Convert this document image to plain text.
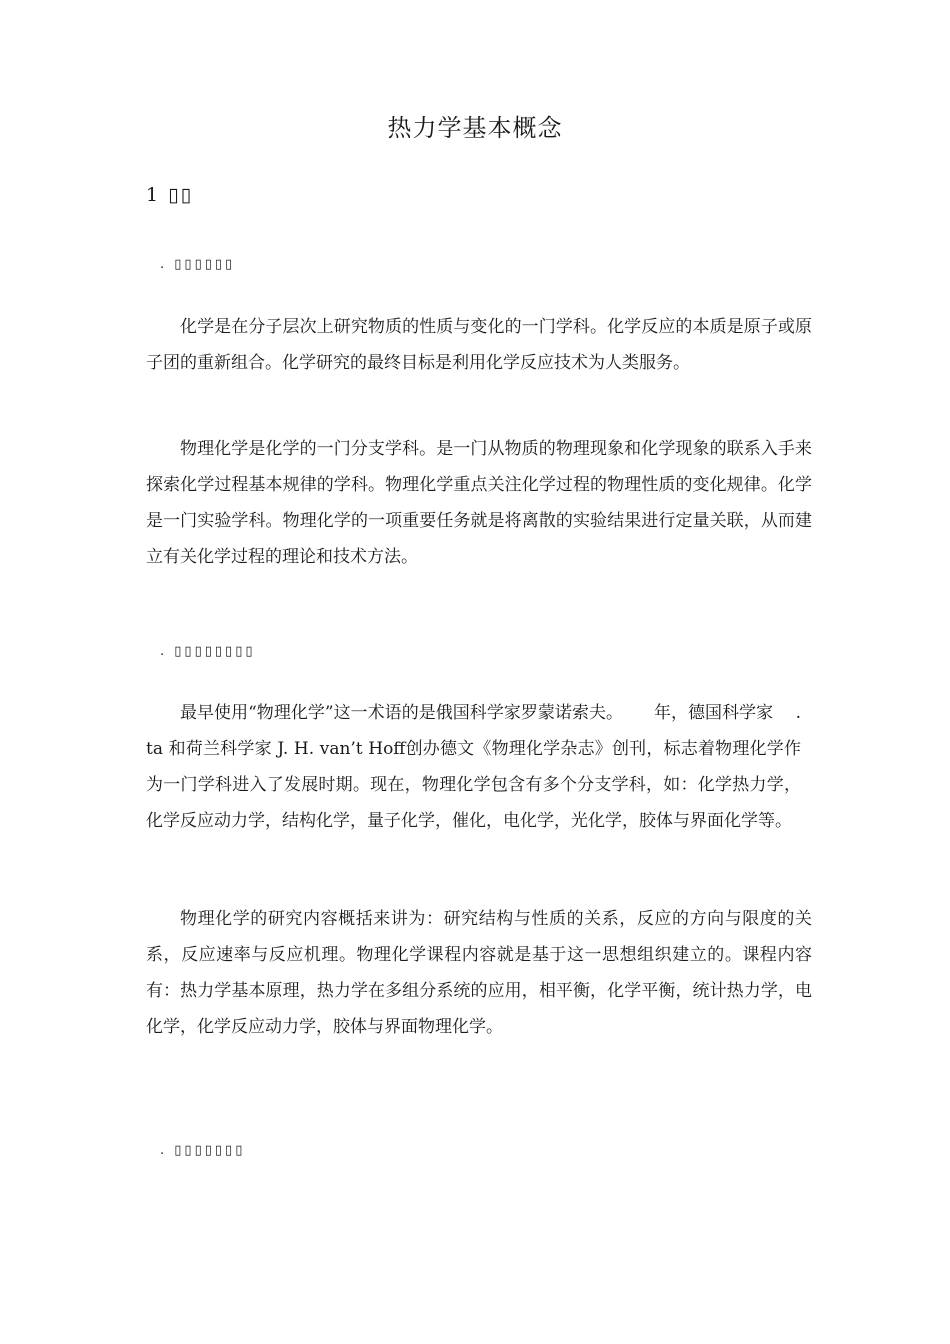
热力学基本概念
1 ▯▯
. ▯▯▯▯▯▯

化学是在分子层次上研究物质的性质与变化的一门学科。化学反应的本质是原子或原子团的重新组合。化学研究的最终目标是利用化学反应技术为人类服务。

物理化学是化学的一门分支学科。是一门从物质的物理现象和化学现象的联系入手来探索化学过程基本规律的学科。物理化学重点关注化学过程的物理性质的变化规律。化学是一门实验学科。物理化学的一项重要任务就是将离散的实验结果进行定量关联，从而建立有关化学过程的理论和技术方法。

. ▯▯▯▯▯▯▯▯

最早使用“物理化学”这一术语的是俄国科学家罗蒙诺索夫。　　 年，德国科学家　 .　　 ta 和荷兰科学家 J. H. van’t Hoff创办德文《物理化学杂志》创刊，标志着物理化学作为一门学科进入了发展时期。现在，物理化学包含有多个分支学科，如：化学热力学，化学反应动力学，结构化学，量子化学，催化，电化学，光化学，胶体与界面化学等。

物理化学的研究内容概括来讲为：研究结构与性质的关系，反应的方向与限度的关系，反应速率与反应机理。物理化学课程内容就是基于这一思想组织建立的。课程内容有：热力学基本原理，热力学在多组分系统的应用，相平衡，化学平衡，统计热力学，电化学，化学反应动力学，胶体与界面物理化学。

. ▯▯▯▯▯▯▯
